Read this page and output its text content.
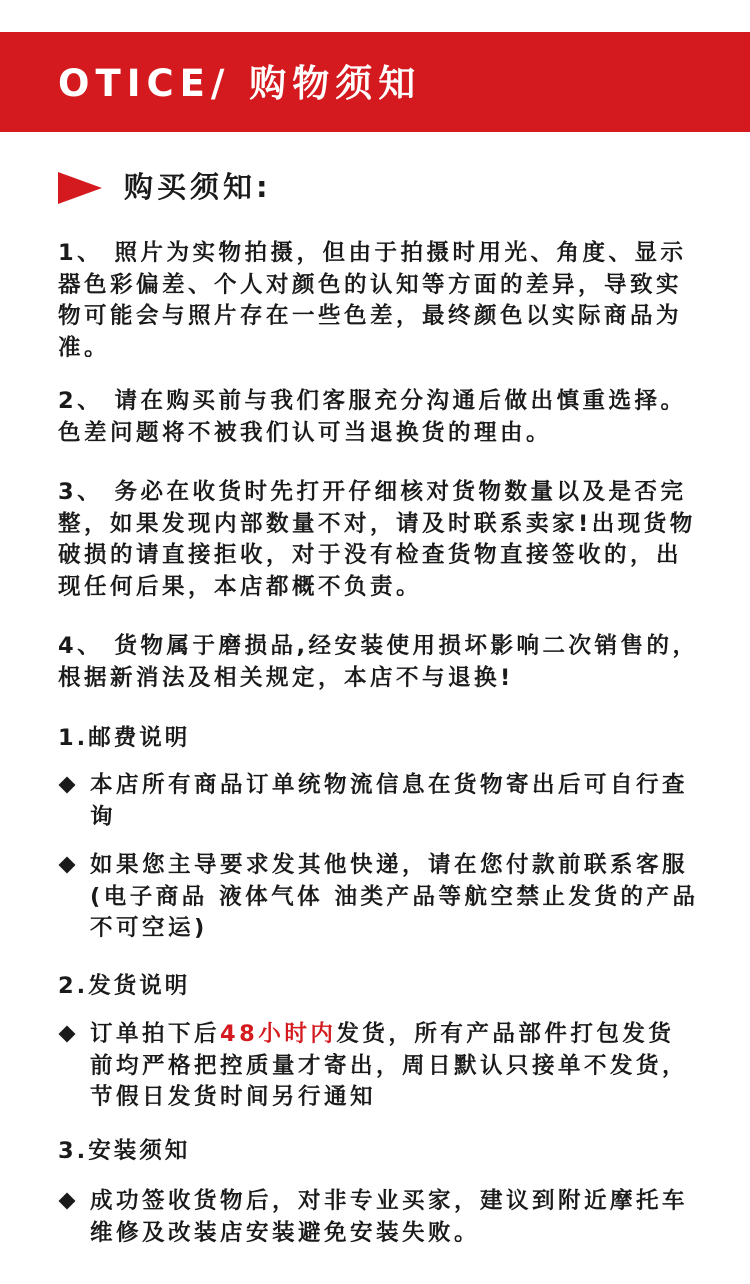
OTICE/ 购物须知
购买须知:

1、 照片为实物拍摄，但由于拍摄时用光、角度、显示器色彩偏差、个人对颜色的认知等方面的差异，导致实物可能会与照片存在一些色差，最终颜色以实际商品为准。

2、 请在购买前与我们客服充分沟通后做出慎重选择。色差问题将不被我们认可当退换货的理由。

3、 务必在收货时先打开仔细核对货物数量以及是否完整，如果发现内部数量不对，请及时联系卖家!出现货物破损的请直接拒收，对于没有检查货物直接签收的，出现任何后果，本店都概不负责。

4、 货物属于磨损品,经安装使用损坏影响二次销售的，根据新消法及相关规定，本店不与退换!

1.邮费说明

本店所有商品订单统物流信息在货物寄出后可自行查询

如果您主导要求发其他快递，请在您付款前联系客服(电子商品 液体气体 油类产品等航空禁止发货的产品不可空运)

2.发货说明

订单拍下后48小时内发货，所有产品部件打包发货前均严格把控质量才寄出，周日默认只接单不发货，节假日发货时间另行通知

3.安装须知

成功签收货物后，对非专业买家，建议到附近摩托车维修及改装店安装避免安装失败。
